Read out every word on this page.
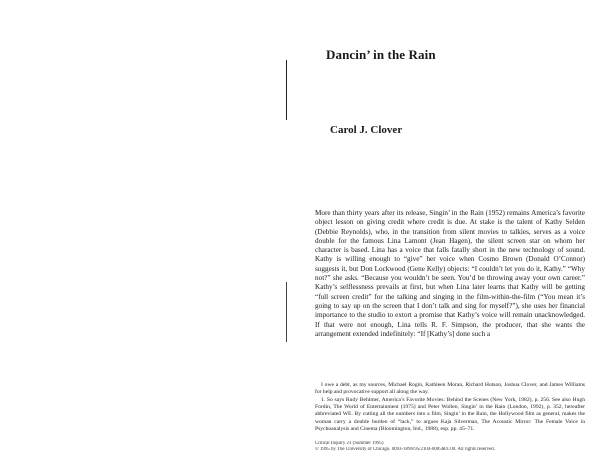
Dancin’ in the Rain
Carol J. Clover

More than thirty years after its release, Singin’ in the Rain (1952) remains America’s favorite object lesson on giving credit where credit is due. At stake is the talent of Kathy Selden (Debbie Reynolds), who, in the transition from silent movies to talkies, serves as a voice double for the famous Lina Lamont (Jean Hagen), the silent screen star on whom her character is based. Lina has a voice that falls fatally short in the new technology of sound. Kathy is willing enough to “give” her voice when Cosmo Brown (Donald O’Connor) suggests it, but Don Lockwood (Gene Kelly) objects: “I couldn’t let you do it, Kathy.” “Why not?” she asks. “Because you wouldn’t be seen. You’d be throwing away your own career.” Kathy’s selflessness prevails at first, but when Lina later learns that Kathy will be getting “full screen credit” for the talking and singing in the film-within-the-film (“You mean it’s going to say up on the screen that I don’t talk and sing for myself?”), she uses her financial importance to the studio to extort a promise that Kathy’s voice will remain unacknowledged. If that were not enough, Lina tells R. F. Simpson, the producer, that she wants the arrangement extended indefinitely: “If [Kathy’s] done such a

I owe a debt, as my sources, Michael Rogin, Kathleen Moran, Richard Hutson, Joshua Clover, and James Williams for help and provocative support all along the way.

1. So says Rudy Behlmer, America’s Favorite Movies: Behind the Scenes (New York, 1982), p. 256. See also Hugh Fordin, The World of Entertainment (1975) and Peter Wollen, Singin’ in the Rain (London, 1992), p. 352, hereafter abbreviated WE. By cutting all the numbers into a film, Singin’ in the Rain, the Hollywood film as general, makes the woman carry a double burden of “lack,” to argues Kaja Silverman, The Acoustic Mirror: The Female Voice in Psychoanalysis and Cinema (Bloomington, Ind., 1988), esp. pp. 45–71.

Critical Inquiry 21 (Summer 1995)
© 1995 by The University of Chicago. 0093-1896/95/2104-0005$01.00. All rights reserved.
